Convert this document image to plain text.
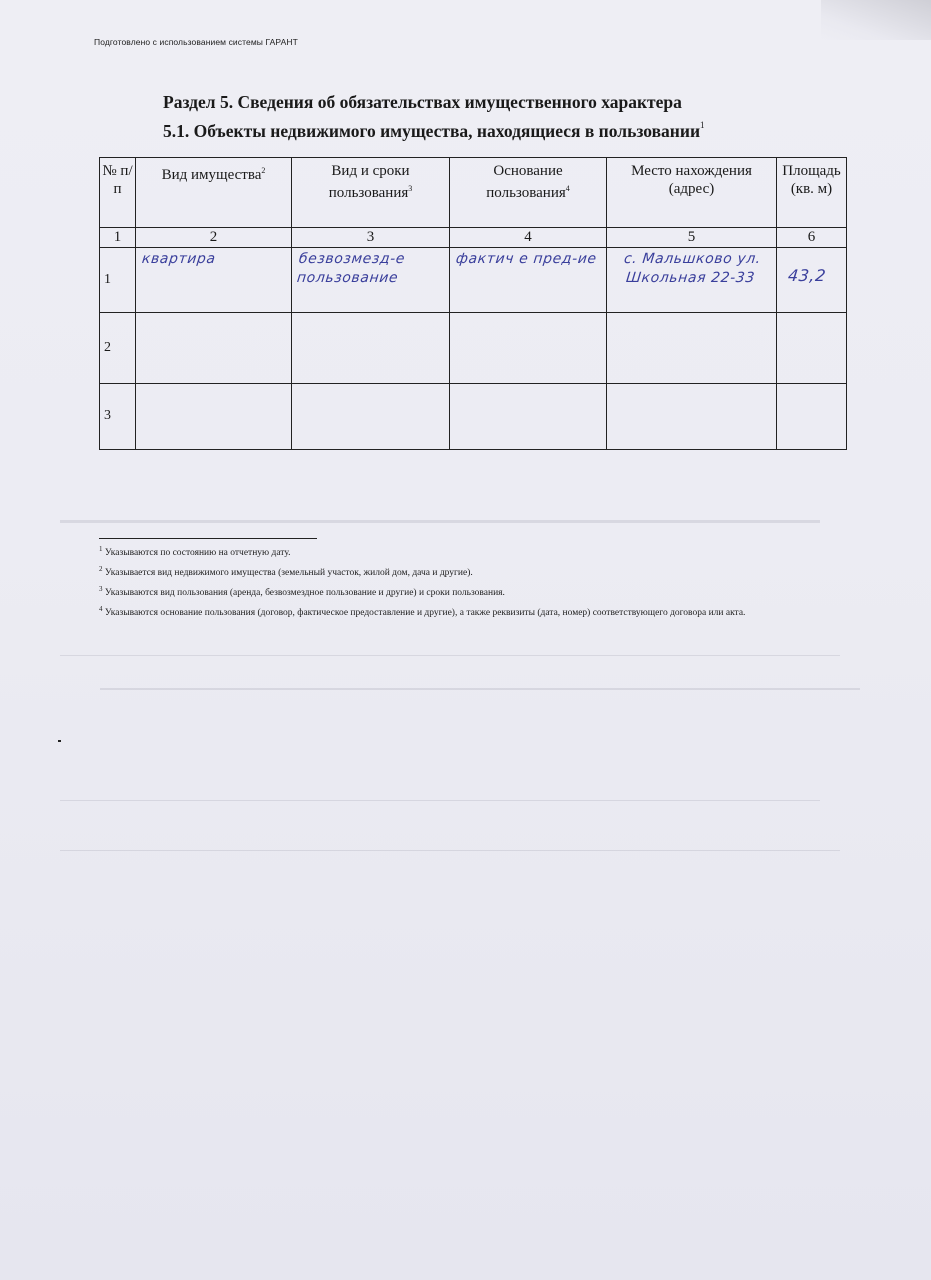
Подготовлено с использованием системы ГАРАНТ
Раздел 5. Сведения об обязательствах имущественного характера
5.1. Объекты недвижимого имущества, находящиеся в пользовании$^1$
№ п/п	Вид имущества$^2$	Вид и сроки пользования$^3$	Основание пользования$^4$	Место нахождения (адрес)	Площадь (кв. м)
1	2	3	4	5	6
1	квартира	безвозмезд-е пользование	фактич е пред-ие	с. Мальшково ул. Школьная 22-33	43,2

2					
3					

$^1$ Указываются по состоянию на отчетную дату.

$^2$ Указывается вид недвижимого имущества (земельный участок, жилой дом, дача и другие).

$^3$ Указываются вид пользования (аренда, безвозмездное пользование и другие) и сроки пользования.

$^4$ Указываются основание пользования (договор, фактическое предоставление и другие), а также реквизиты (дата, номер) соответствующего договора или акта.
